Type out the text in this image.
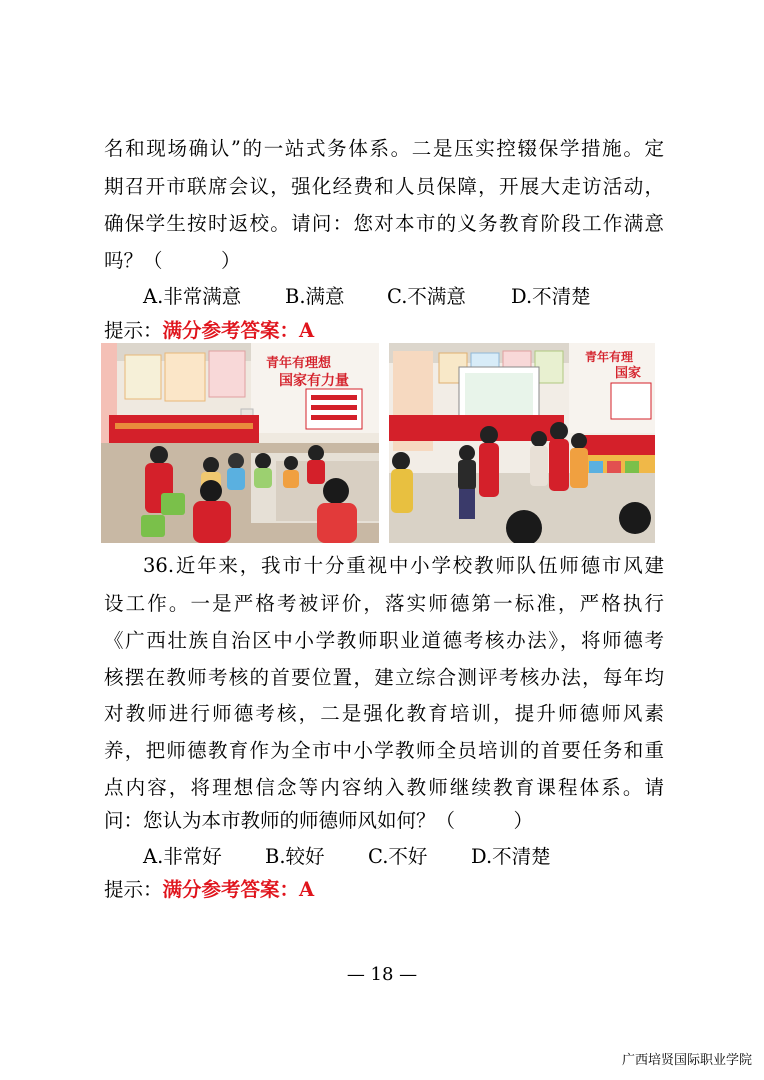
名和现场确认”的一站式务体系。二是压实控辍保学措施。定
期召开市联席会议，强化经费和人员保障，开展大走访活动，
确保学生按时返校。请问：您对本市的义务教育阶段工作满意
吗？（　　　）
A.非常满意 B.满意 C.不满意 D.不清楚
提示：满分参考答案：A
青年有理想
国家有力量
青年有理
国家
36.近年来，我市十分重视中小学校教师队伍师德市风建
设工作。一是严格考被评价，落实师德第一标准，严格执行
《广西壮族自治区中小学教师职业道德考核办法》，将师德考
核摆在教师考核的首要位置，建立综合测评考核办法，每年均
对教师进行师德考核，二是强化教育培训，提升师德师风素
养，把师德教育作为全市中小学教师全员培训的首要任务和重
点内容，将理想信念等内容纳入教师继续教育课程体系。请
问：您认为本市教师的师德师风如何？（　　　）
A.非常好 B.较好 C.不好 D.不清楚
提示：满分参考答案：A
— 18 —
广西培贤国际职业学院
